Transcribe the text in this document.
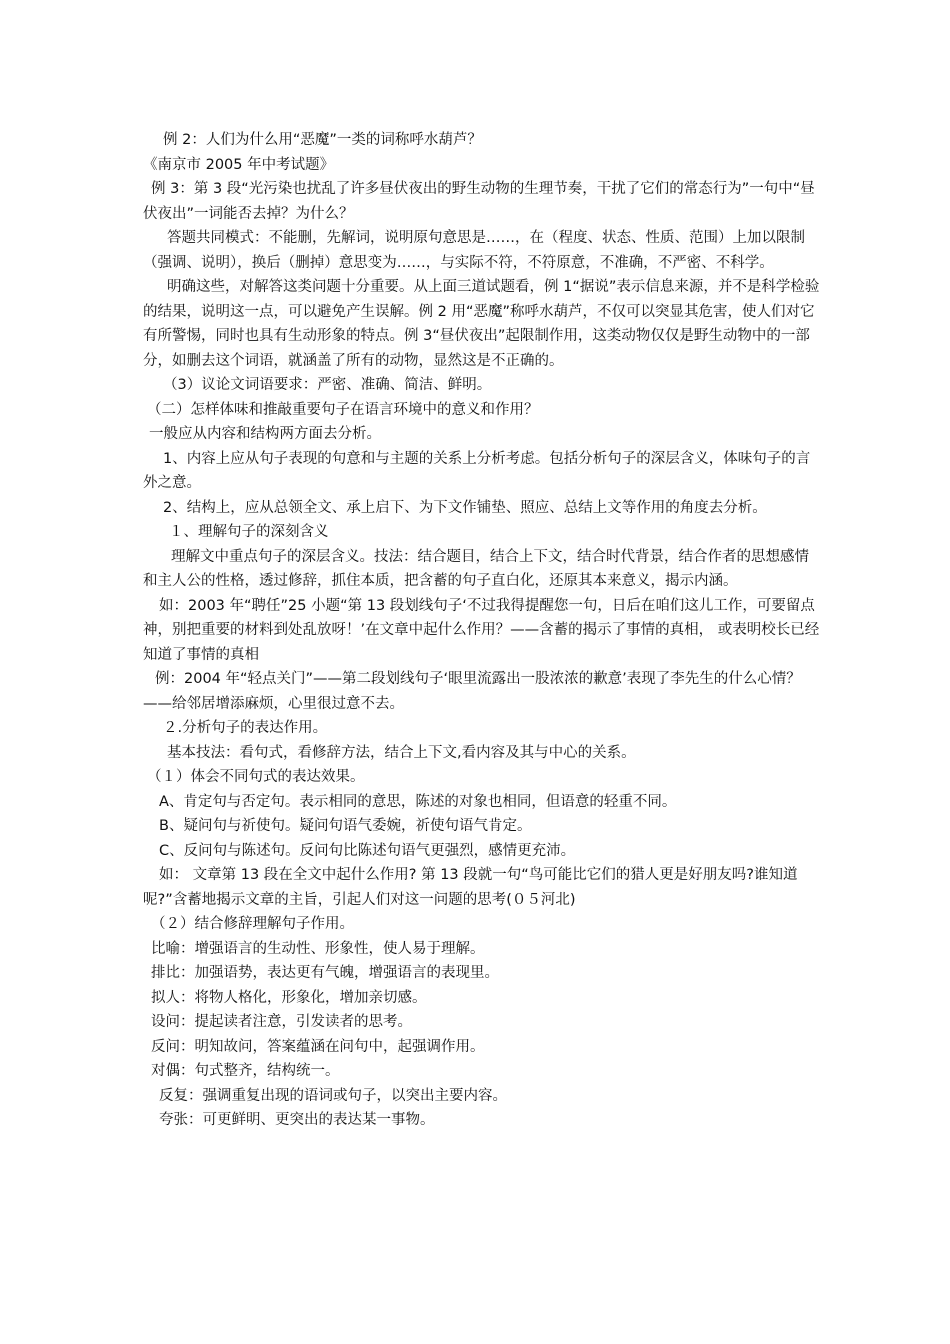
例 2：人们为什么用“恶魔”一类的词称呼水葫芦？

《南京市 2005 年中考试题》

例 3：第 3 段“光污染也扰乱了许多昼伏夜出的野生动物的生理节奏，干扰了它们的常态行为”一句中“昼伏夜出”一词能否去掉？为什么？

答题共同模式：不能删，先解词，说明原句意思是……，在（程度、状态、性质、范围）上加以限制（强调、说明），换后（删掉）意思变为……，与实际不符，不符原意，不准确，不严密、不科学。

明确这些，对解答这类问题十分重要。从上面三道试题看，例 1“据说”表示信息来源，并不是科学检验的结果，说明这一点，可以避免产生误解。例 2 用“恶魔”称呼水葫芦，不仅可以突显其危害，使人们对它有所警惕，同时也具有生动形象的特点。例 3“昼伏夜出”起限制作用，这类动物仅仅是野生动物中的一部分，如删去这个词语，就涵盖了所有的动物，显然这是不正确的。

（3）议论文词语要求：严密、准确、简洁、鲜明。

（二）怎样体味和推敲重要句子在语言环境中的意义和作用？

一般应从内容和结构两方面去分析。

1、内容上应从句子表现的句意和与主题的关系上分析考虑。包括分析句子的深层含义，体味句子的言外之意。

2、结构上，应从总领全文、承上启下、为下文作铺垫、照应、总结上文等作用的角度去分析。

１、理解句子的深刻含义

理解文中重点句子的深层含义。技法：结合题目，结合上下文，结合时代背景，结合作者的思想感情和主人公的性格，透过修辞，抓住本质，把含蓄的句子直白化，还原其本来意义，揭示内涵。

如：2003 年“聘任”25 小题“第 13 段划线句子‘不过我得提醒您一句，日后在咱们这儿工作，可要留点神，别把重要的材料到处乱放呀！’在文章中起什么作用？——含蓄的揭示了事情的真相， 或表明校长已经知道了事情的真相

例：2004 年“轻点关门”——第二段划线句子‘眼里流露出一股浓浓的歉意’表现了李先生的什么心情？——给邻居增添麻烦，心里很过意不去。

２.分析句子的表达作用。

基本技法：看句式，看修辞方法，结合上下文,看内容及其与中心的关系。

（１）体会不同句式的表达效果。

A、肯定句与否定句。表示相同的意思，陈述的对象也相同，但语意的轻重不同。

B、疑问句与祈使句。疑问句语气委婉，祈使句语气肯定。

C、反问句与陈述句。反问句比陈述句语气更强烈，感情更充沛。

如： 文章第 13 段在全文中起什么作用? 第 13 段就一句“鸟可能比它们的猎人更是好朋友吗?谁知道呢?”含蓄地揭示文章的主旨，引起人们对这一问题的思考(０５河北)

（２）结合修辞理解句子作用。

比喻：增强语言的生动性、形象性，使人易于理解。

排比：加强语势，表达更有气魄，增强语言的表现里。

拟人：将物人格化，形象化，增加亲切感。

设问：提起读者注意，引发读者的思考。

反问：明知故问，答案蕴涵在问句中，起强调作用。

对偶：句式整齐，结构统一。

反复：强调重复出现的语词或句子，以突出主要内容。

夸张：可更鲜明、更突出的表达某一事物。
